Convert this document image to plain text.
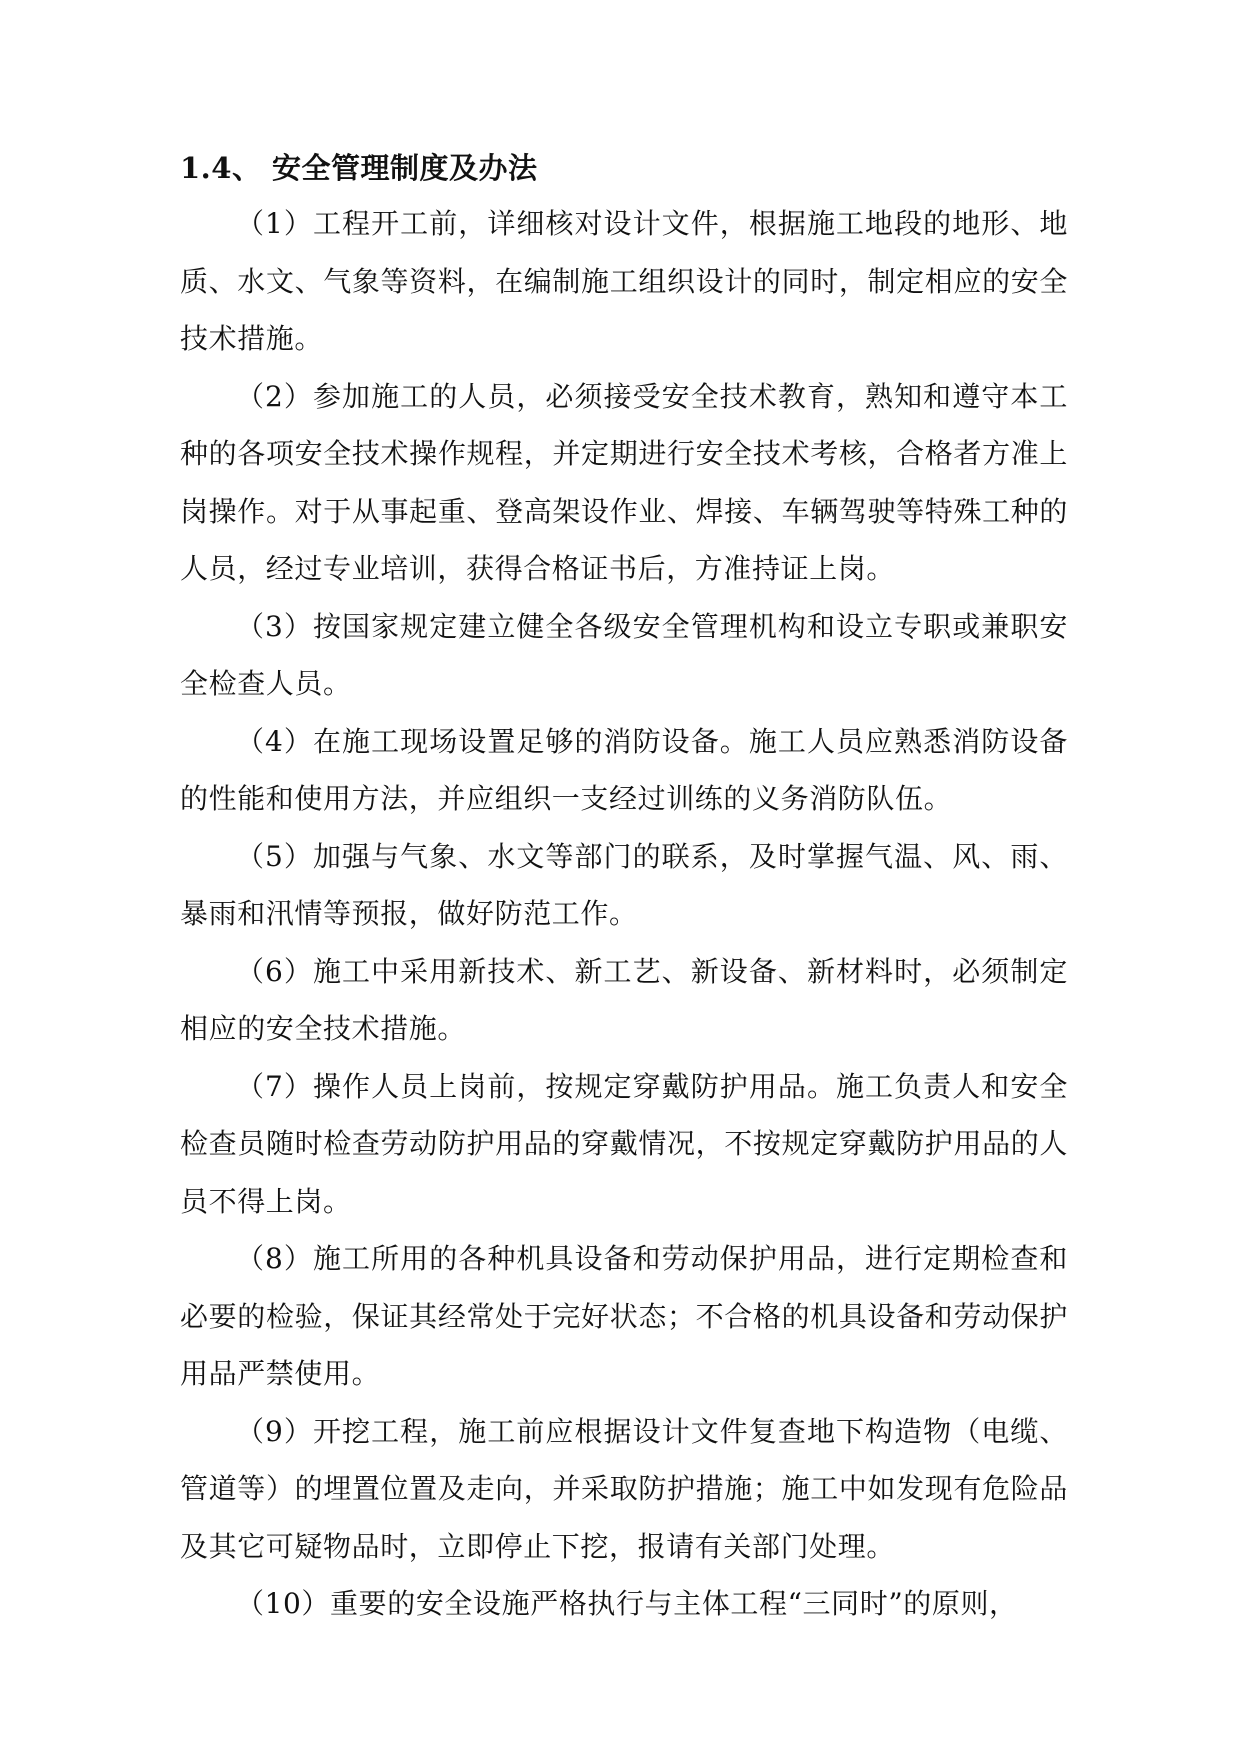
1.4、 安全管理制度及办法

（1）工程开工前，详细核对设计文件，根据施工地段的地形、地质、水文、气象等资料，在编制施工组织设计的同时，制定相应的安全技术措施。

（2）参加施工的人员，必须接受安全技术教育，熟知和遵守本工种的各项安全技术操作规程，并定期进行安全技术考核，合格者方准上岗操作。对于从事起重、登高架设作业、焊接、车辆驾驶等特殊工种的人员，经过专业培训，获得合格证书后，方准持证上岗。

（3）按国家规定建立健全各级安全管理机构和设立专职或兼职安全检查人员。

（4）在施工现场设置足够的消防设备。施工人员应熟悉消防设备的性能和使用方法，并应组织一支经过训练的义务消防队伍。

（5）加强与气象、水文等部门的联系，及时掌握气温、风、雨、暴雨和汛情等预报，做好防范工作。

（6）施工中采用新技术、新工艺、新设备、新材料时，必须制定相应的安全技术措施。

（7）操作人员上岗前，按规定穿戴防护用品。施工负责人和安全检查员随时检查劳动防护用品的穿戴情况，不按规定穿戴防护用品的人员不得上岗。

（8）施工所用的各种机具设备和劳动保护用品，进行定期检查和必要的检验，保证其经常处于完好状态；不合格的机具设备和劳动保护用品严禁使用。

（9）开挖工程，施工前应根据设计文件复查地下构造物（电缆、管道等）的埋置位置及走向，并采取防护措施；施工中如发现有危险品及其它可疑物品时，立即停止下挖，报请有关部门处理。

（10）重要的安全设施严格执行与主体工程“三同时”的原则，
